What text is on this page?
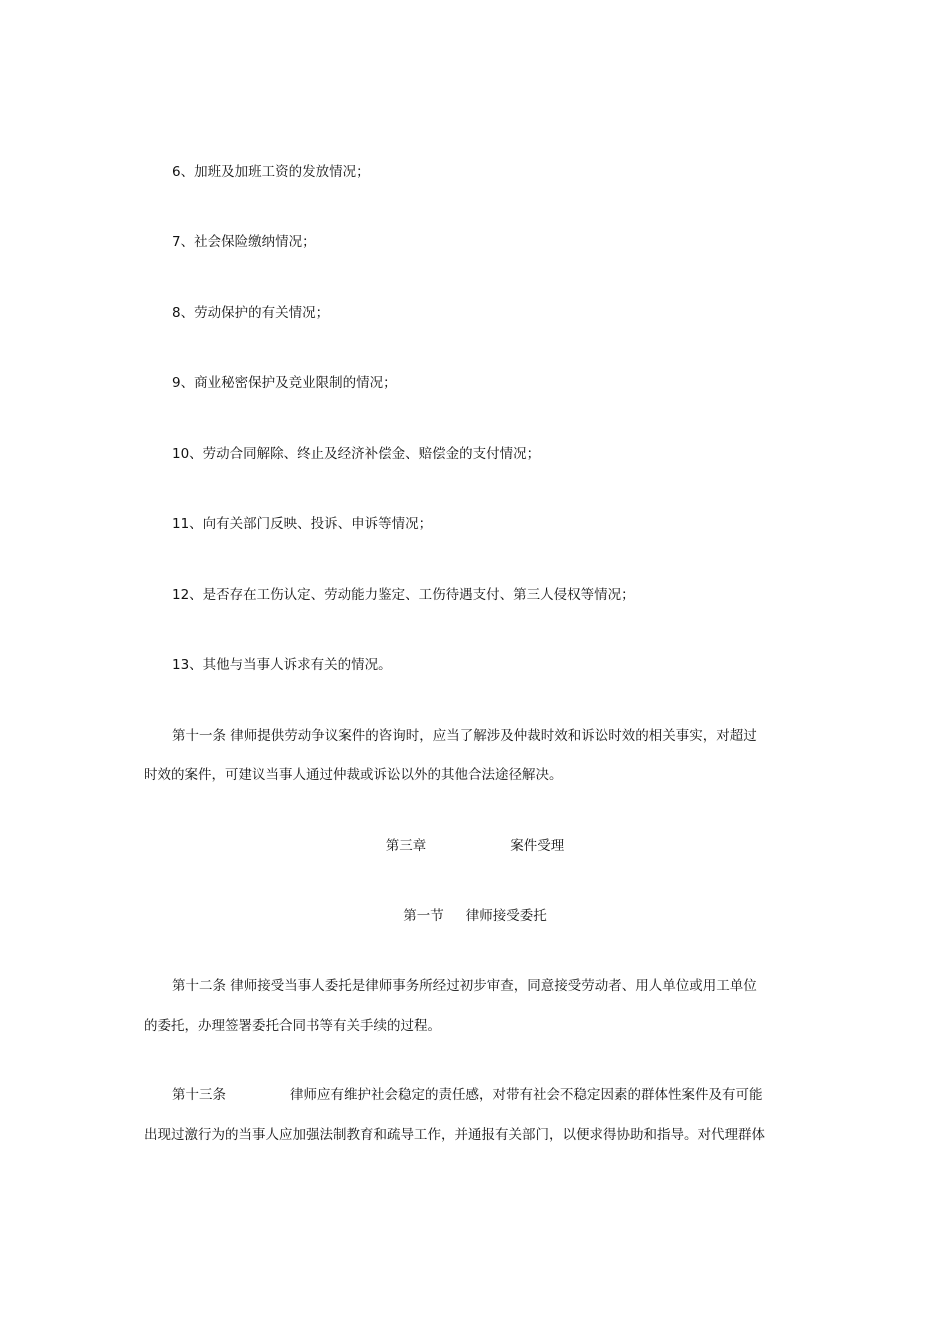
6、加班及加班工资的发放情况；
7、社会保险缴纳情况；
8、劳动保护的有关情况；
9、商业秘密保护及竞业限制的情况；
10、劳动合同解除、终止及经济补偿金、赔偿金的支付情况；
11、向有关部门反映、投诉、申诉等情况；
12、是否存在工伤认定、劳动能力鉴定、工伤待遇支付、第三人侵权等情况；
13、其他与当事人诉求有关的情况。
第十一条 律师提供劳动争议案件的咨询时，应当了解涉及仲裁时效和诉讼时效的相关事实，对超过
时效的案件，可建议当事人通过仲裁或诉讼以外的其他合法途径解决。
第三章	案件受理
第一节 律师接受委托
第十二条 律师接受当事人委托是律师事务所经过初步审查，同意接受劳动者、用人单位或用工单位
的委托，办理签署委托合同书等有关手续的过程。
第十三条	律师应有维护社会稳定的责任感，对带有社会不稳定因素的群体性案件及有可能
出现过激行为的当事人应加强法制教育和疏导工作，并通报有关部门，以便求得协助和指导。对代理群体
